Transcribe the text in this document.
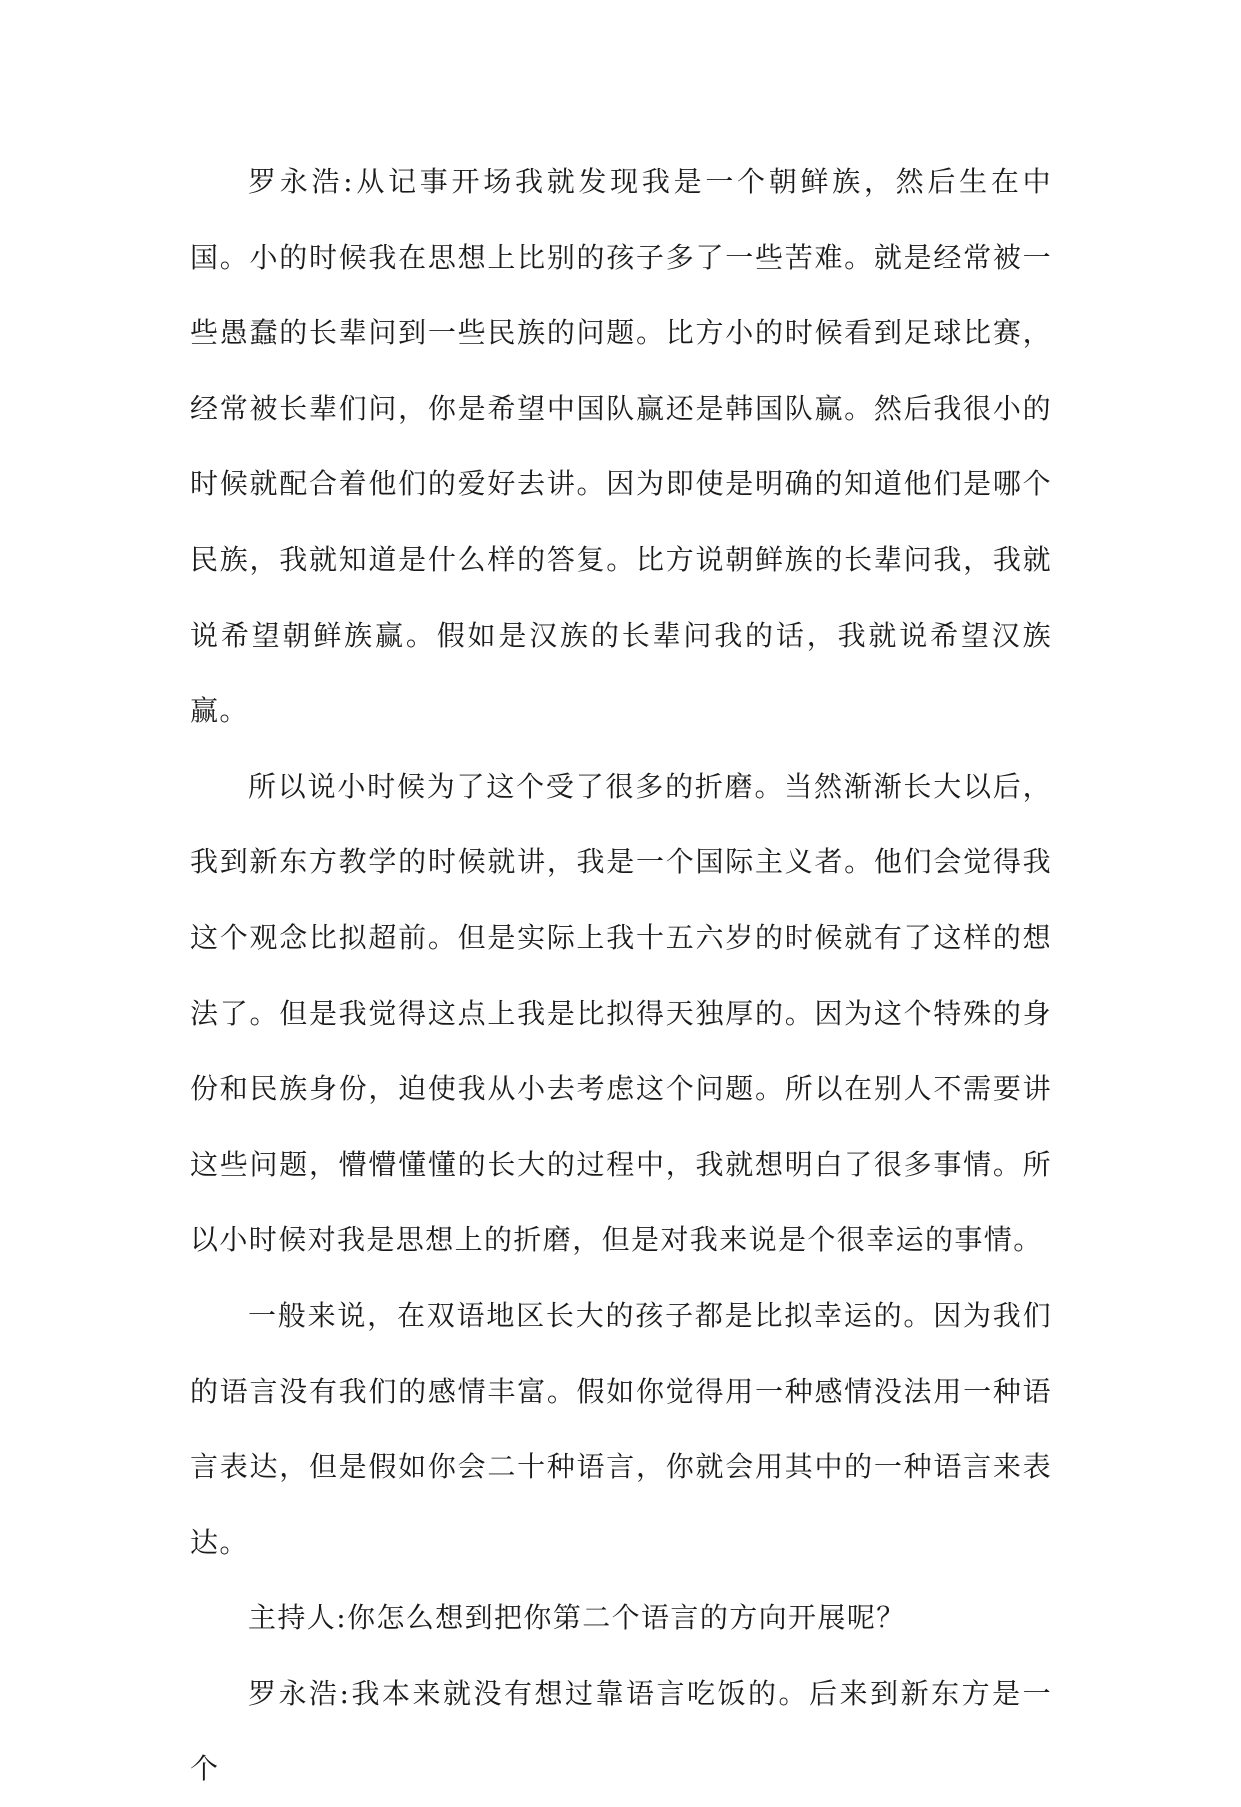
罗永浩:从记事开场我就发现我是一个朝鲜族，然后生在中国。小的时候我在思想上比别的孩子多了一些苦难。就是经常被一些愚蠢的长辈问到一些民族的问题。比方小的时候看到足球比赛，经常被长辈们问，你是希望中国队赢还是韩国队赢。然后我很小的时候就配合着他们的爱好去讲。因为即使是明确的知道他们是哪个民族，我就知道是什么样的答复。比方说朝鲜族的长辈问我，我就说希望朝鲜族赢。假如是汉族的长辈问我的话，我就说希望汉族赢。

所以说小时候为了这个受了很多的折磨。当然渐渐长大以后，我到新东方教学的时候就讲，我是一个国际主义者。他们会觉得我这个观念比拟超前。但是实际上我十五六岁的时候就有了这样的想法了。但是我觉得这点上我是比拟得天独厚的。因为这个特殊的身份和民族身份，迫使我从小去考虑这个问题。所以在别人不需要讲这些问题，懵懵懂懂的长大的过程中，我就想明白了很多事情。所以小时候对我是思想上的折磨，但是对我来说是个很幸运的事情。

一般来说，在双语地区长大的孩子都是比拟幸运的。因为我们的语言没有我们的感情丰富。假如你觉得用一种感情没法用一种语言表达，但是假如你会二十种语言，你就会用其中的一种语言来表达。

主持人:你怎么想到把你第二个语言的方向开展呢？

罗永浩:我本来就没有想过靠语言吃饭的。后来到新东方是一个
